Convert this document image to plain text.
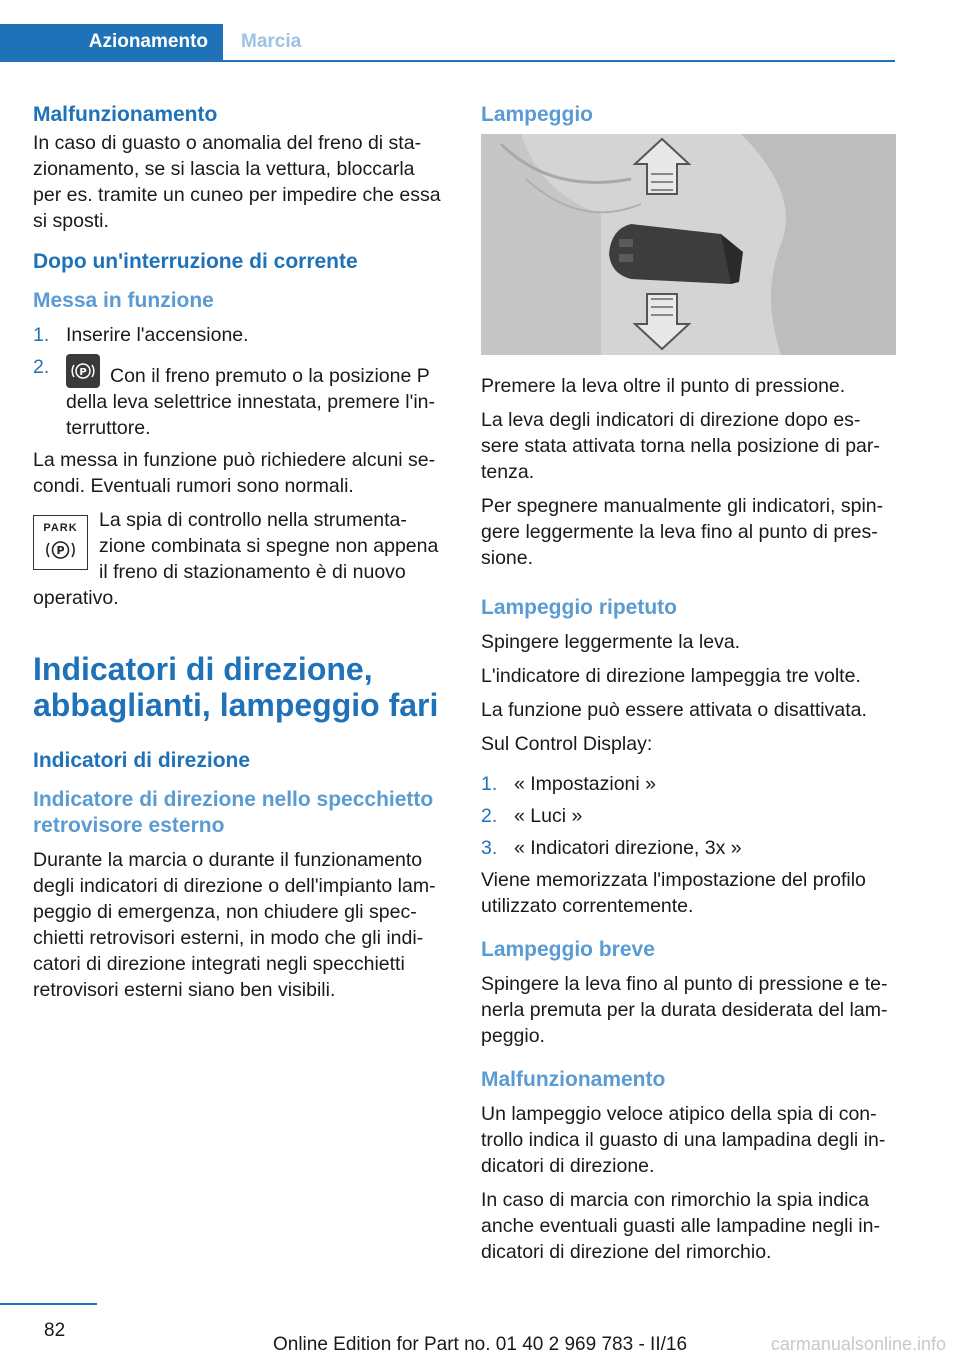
Azionamento	Marcia
Malfunzionamento

In caso di guasto o anomalia del freno di sta-zionamento, se si lascia la vettura, bloccarla per es. tramite un cuneo per impedire che essa si sposti.

Dopo un'interruzione di corrente
Messa in funzione
1. Inserire l'accensione.
2.	P Con il freno premuto o la posizione P della leva selettrice innestata, premere l'in-terruttore.

La messa in funzione può richiedere alcuni se-condi. Eventuali rumori sono normali.

PARK
P

La spia di controllo nella strumenta-zione combinata si spegne non appena il freno di stazionamento è di nuovo

operativo.

Indicatori di direzione, abbaglianti, lampeggio fari
Indicatori di direzione
Indicatore di direzione nello specchietto retrovisore esterno

Durante la marcia o durante il funzionamento degli indicatori di direzione o dell'impianto lam-peggio di emergenza, non chiudere gli spec-chietti retrovisori esterni, in modo che gli indi-catori di direzione integrati negli specchietti retrovisori esterni siano ben visibili.

Lampeggio

Premere la leva oltre il punto di pressione.

La leva degli indicatori di direzione dopo es-sere stata attivata torna nella posizione di par-tenza.

Per spegnere manualmente gli indicatori, spin-gere leggermente la leva fino al punto di pres-sione.

Lampeggio ripetuto

Spingere leggermente la leva.

L'indicatore di direzione lampeggia tre volte.

La funzione può essere attivata o disattivata.

Sul Control Display:

1. « Impostazioni »
2. « Luci »
3. « Indicatori direzione, 3x »

Viene memorizzata l'impostazione del profilo utilizzato correntemente.

Lampeggio breve

Spingere la leva fino al punto di pressione e te-nerla premuta per la durata desiderata del lam-peggio.

Malfunzionamento

Un lampeggio veloce atipico della spia di con-trollo indica il guasto di una lampadina degli in-dicatori di direzione.

In caso di marcia con rimorchio la spia indica anche eventuali guasti alle lampadine negli in-dicatori di direzione del rimorchio.

82
Online Edition for Part no. 01 40 2 969 783 - II/16	carmanualsonline.info
